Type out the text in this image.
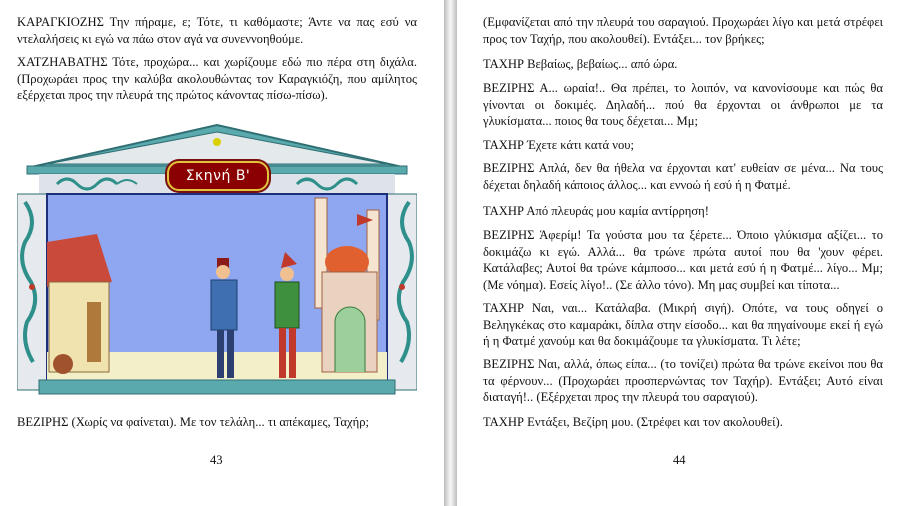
ΚΑΡΑΓΚΙΟΖΗΣ Την πήραμε, ε; Τότε, τι καθόμαστε; Άντε να πας εσύ να ντελαλήσεις κι εγώ να πάω στον αγά να συνεννοηθούμε.

ΧΑΤΖΗΑΒΑΤΗΣ Τότε, προχώρα... και χωρίζουμε εδώ πιο πέρα στη διχάλα. (Προχωράει προς την καλύβα ακολουθώντας τον Καραγκιόζη, που αμίλητος εξέρχεται προς την πλευρά της πρώτος κάνοντας πίσω-πίσω).

Σκηνή Β'

ΒΕΖΙΡΗΣ (Χωρίς να φαίνεται). Με τον τελάλη... τι απέκαμες, Ταχήρ;

43

(Εμφανίζεται από την πλευρά του σαραγιού. Προχωράει λίγο και μετά στρέφει προς τον Ταχήρ, που ακολουθεί). Εντάξει... τον βρήκες;

ΤΑΧΗΡ Βεβαίως, βεβαίως... από ώρα.

ΒΕΖΙΡΗΣ Α... ωραία!.. Θα πρέπει, το λοιπόν, να κανονίσουμε και πώς θα γίνονται οι δοκιμές. Δηλαδή... πού θα έρχονται οι άνθρωποι με τα γλυκίσματα... ποιος θα τους δέχεται... Μμ;

ΤΑΧΗΡ Έχετε κάτι κατά νου;

ΒΕΖΙΡΗΣ Απλά, δεν θα ήθελα να έρχονται κατ' ευθείαν σε μένα... Να τους δέχεται δηλαδή κάποιος άλλος... και εννοώ ή εσύ ή η Φατμέ.

ΤΑΧΗΡ Από πλευράς μου καμία αντίρρηση!

ΒΕΖΙΡΗΣ Άφερίμ! Τα γούστα μου τα ξέρετε... Όποιο γλύκισμα αξίζει... το δοκιμάζω κι εγώ. Αλλά... θα τρώνε πρώτα αυτοί που θα 'χουν φέρει. Κατάλαβες; Αυτοί θα τρώνε κάμποσο... και μετά εσύ ή η Φατμέ... λίγο... Μμ; (Με νόημα). Εσείς λίγο!.. (Σε άλλο τόνο). Μη μας συμβεί και τίποτα...

ΤΑΧΗΡ Ναι, ναι... Κατάλαβα. (Μικρή σιγή). Οπότε, να τους οδηγεί ο Βεληγκέκας στο καμαράκι, δίπλα στην είσοδο... και θα πηγαίνουμε εκεί ή εγώ ή η Φατμέ χανούμ και θα δοκιμάζουμε τα γλυκίσματα. Τι λέτε;

ΒΕΖΙΡΗΣ Ναι, αλλά, όπως είπα... (το τονίζει) πρώτα θα τρώνε εκείνοι που θα τα φέρνουν... (Προχωράει προσπερνώντας τον Ταχήρ). Εντάξει; Αυτό είναι διαταγή!.. (Εξέρχεται προς την πλευρά του σαραγιού).

ΤΑΧΗΡ Εντάξει, Βεζίρη μου. (Στρέφει και τον ακολουθεί).

44
